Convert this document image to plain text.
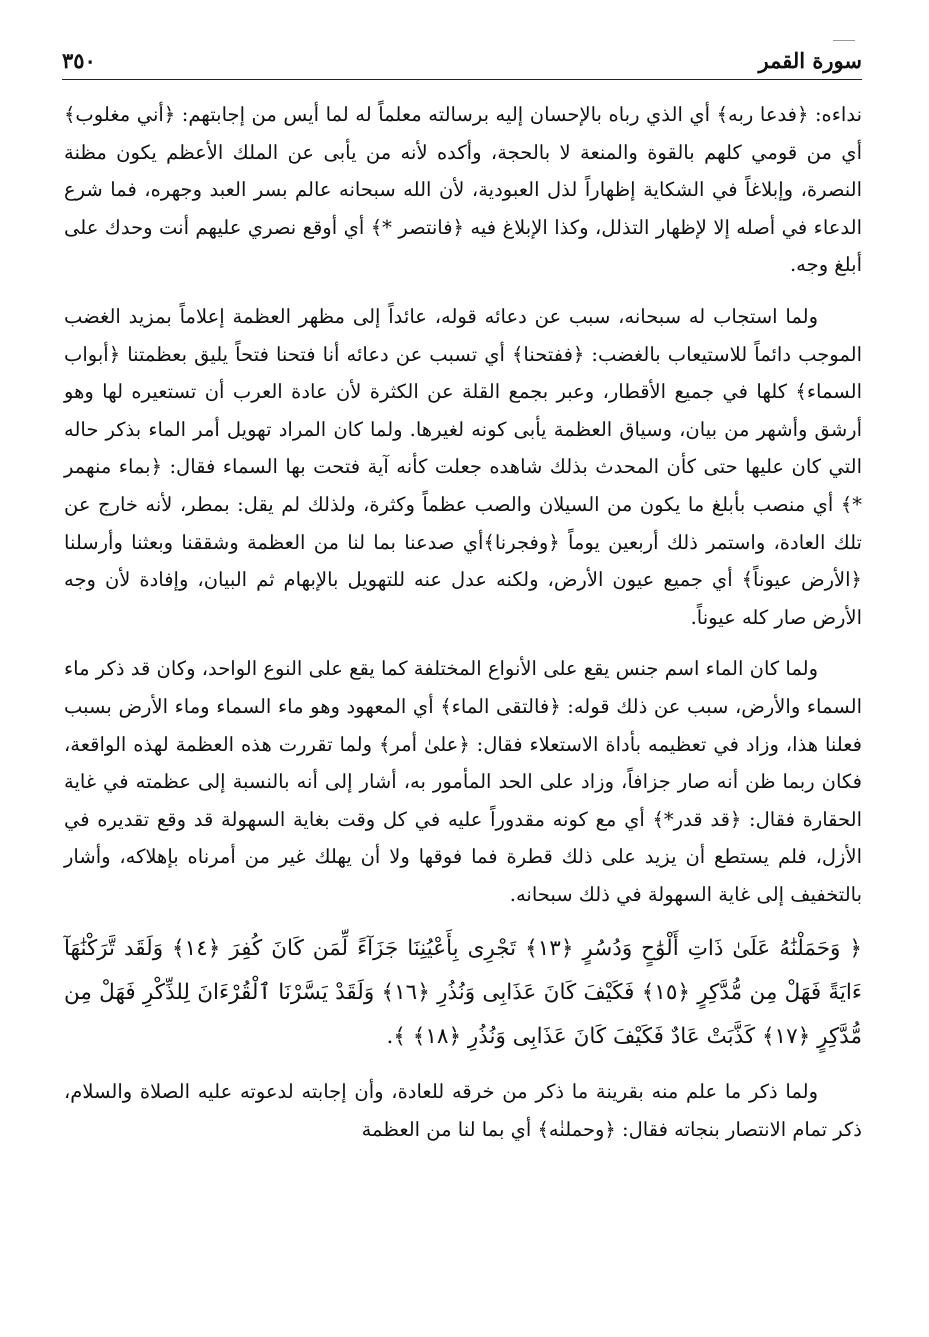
سورة القمر
٣٥٠

نداءه: ﴿فدعا ربه﴾ أي الذي رباه بالإحسان إليه برسالته معلماً له لما أيس من إجابتهم: ﴿أني مغلوب﴾ أي من قومي كلهم بالقوة والمنعة لا بالحجة، وأكده لأنه من يأبى عن الملك الأعظم يكون مظنة النصرة، وإبلاغاً في الشكاية إظهاراً لذل العبودية، لأن الله سبحانه عالم بسر العبد وجهره، فما شرع الدعاء في أصله إلا لإظهار التذلل، وكذا الإبلاغ فيه ﴿فانتصر *﴾ أي أوقع نصري عليهم أنت وحدك على أبلغ وجه.

ولما استجاب له سبحانه، سبب عن دعائه قوله، عائداً إلى مظهر العظمة إعلاماً بمزيد الغضب الموجب دائماً للاستيعاب بالغضب: ﴿ففتحنا﴾ أي تسبب عن دعائه أنا فتحنا فتحاً يليق بعظمتنا ﴿أبواب السماء﴾ كلها في جميع الأقطار، وعبر بجمع القلة عن الكثرة لأن عادة العرب أن تستعيره لها وهو أرشق وأشهر من بيان، وسياق العظمة يأبى كونه لغيرها. ولما كان المراد تهويل أمر الماء بذكر حاله التي كان عليها حتى كأن المحدث بذلك شاهده جعلت كأنه آية فتحت بها السماء فقال: ﴿بماء منهمر *﴾ أي منصب بأبلغ ما يكون من السيلان والصب عظماً وكثرة، ولذلك لم يقل: بمطر، لأنه خارج عن تلك العادة، واستمر ذلك أربعين يوماً ﴿وفجرنا﴾أي صدعنا بما لنا من العظمة وشققنا وبعثنا وأرسلنا ﴿الأرض عيوناً﴾ أي جميع عيون الأرض، ولكنه عدل عنه للتهويل بالإبهام ثم البيان، وإفادة لأن وجه الأرض صار كله عيوناً.

ولما كان الماء اسم جنس يقع على الأنواع المختلفة كما يقع على النوع الواحد، وكان قد ذكر ماء السماء والأرض، سبب عن ذلك قوله: ﴿فالتقى الماء﴾ أي المعهود وهو ماء السماء وماء الأرض بسبب فعلنا هذا، وزاد في تعظيمه بأداة الاستعلاء فقال: ﴿علىٰ أمر﴾ ولما تقررت هذه العظمة لهذه الواقعة، فكان ربما ظن أنه صار جزافاً، وزاد على الحد المأمور به، أشار إلى أنه بالنسبة إلى عظمته في غاية الحقارة فقال: ﴿قد قدر*﴾ أي مع كونه مقدوراً عليه في كل وقت بغاية السهولة قد وقع تقديره في الأزل، فلم يستطع أن يزيد على ذلك قطرة فما فوقها ولا أن يهلك غير من أمرناه بإهلاكه، وأشار بالتخفيف إلى غاية السهولة في ذلك سبحانه.

﴿ وَحَمَلْنَٰهُ عَلَىٰ ذَاتِ أَلْوَٰحٍ وَدُسُرٍ ﴿١٣﴾ تَجْرِى بِأَعْيُنِنَا جَزَآءً لِّمَن كَانَ كُفِرَ ﴿١٤﴾ وَلَقَد تَّرَكْنَٰهَآ ءَايَةً فَهَلْ مِن مُّدَّكِرٍ ﴿١٥﴾ فَكَيْفَ كَانَ عَذَابِى وَنُذُرِ ﴿١٦﴾ وَلَقَدْ يَسَّرْنَا ٱلْقُرْءَانَ لِلذِّكْرِ فَهَلْ مِن مُّدَّكِرٍ ﴿١٧﴾ كَذَّبَتْ عَادٌ فَكَيْفَ كَانَ عَذَابِى وَنُذُرِ ﴿١٨﴾ ﴾.

ولما ذكر ما علم منه بقرينة ما ذكر من خرقه للعادة، وأن إجابته لدعوته عليه الصلاة والسلام، ذكر تمام الانتصار بنجاته فقال: ﴿وحملنٰه﴾ أي بما لنا من العظمة
